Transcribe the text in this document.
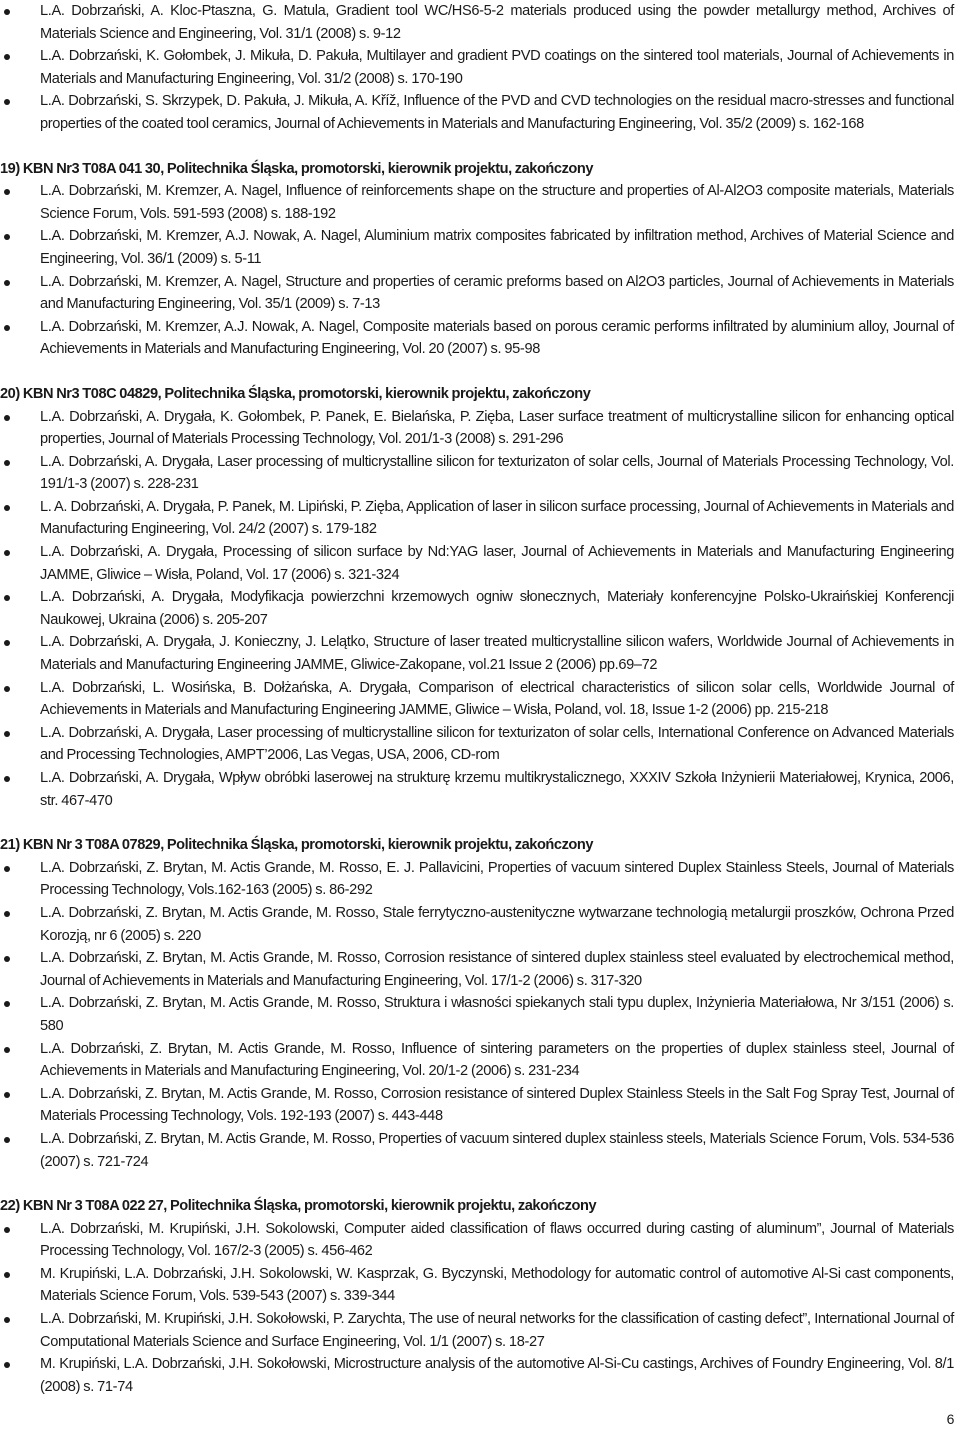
L.A. Dobrzański, A. Kloc-Ptaszna, G. Matula, Gradient tool WC/HS6-5-2 materials produced using the powder metallurgy method, Archives of Materials Science and Engineering, Vol. 31/1 (2008) s. 9-12
L.A. Dobrzański, K. Gołombek, J. Mikuła, D. Pakuła, Multilayer and gradient PVD coatings on the sintered tool materials, Journal of Achievements in Materials and Manufacturing Engineering, Vol. 31/2 (2008) s. 170-190
L.A. Dobrzański, S. Skrzypek, D. Pakuła, J. Mikuła, A. Kříž, Influence of the PVD and CVD technologies on the residual macro-stresses and functional properties of the coated tool ceramics, Journal of Achievements in Materials and Manufacturing Engineering, Vol. 35/2 (2009) s. 162-168

19) KBN Nr3 T08A 041 30, Politechnika Śląska, promotorski, kierownik projektu, zakończony

L.A. Dobrzański, M. Kremzer, A. Nagel, Influence of reinforcements shape on the structure and properties of Al-Al2O3 composite materials, Materials Science Forum, Vols. 591-593 (2008) s. 188-192
L.A. Dobrzański, M. Kremzer, A.J. Nowak, A. Nagel, Aluminium matrix composites fabricated by infiltration method, Archives of Material Science and Engineering, Vol. 36/1 (2009) s. 5-11
L.A. Dobrzański, M. Kremzer, A. Nagel, Structure and properties of ceramic preforms based on Al2O3 particles, Journal of Achievements in Materials and Manufacturing Engineering, Vol. 35/1 (2009) s. 7-13
L.A. Dobrzański, M. Kremzer, A.J. Nowak, A. Nagel, Composite materials based on porous ceramic performs infiltrated by aluminium alloy, Journal of Achievements in Materials and Manufacturing Engineering, Vol. 20 (2007) s. 95-98

20) KBN Nr3 T08C 04829, Politechnika Śląska, promotorski, kierownik projektu, zakończony

L.A. Dobrzański, A. Drygała, K. Gołombek, P. Panek, E. Bielańska, P. Zięba, Laser surface treatment of multicrystalline silicon for enhancing optical properties, Journal of Materials Processing Technology, Vol. 201/1-3 (2008) s. 291-296
L.A. Dobrzański, A. Drygała, Laser processing of multicrystalline silicon for texturizaton of solar cells, Journal of Materials Processing Technology, Vol. 191/1-3 (2007) s. 228-231
L. A. Dobrzański, A. Drygała, P. Panek, M. Lipiński, P. Zięba, Application of laser in silicon surface processing, Journal of Achievements in Materials and Manufacturing Engineering, Vol. 24/2 (2007) s. 179-182
L.A. Dobrzański, A. Drygała, Processing of silicon surface by Nd:YAG laser, Journal of Achievements in Materials and Manufacturing Engineering JAMME, Gliwice – Wisła, Poland, Vol. 17 (2006) s. 321-324
L.A. Dobrzański, A. Drygała, Modyfikacja powierzchni krzemowych ogniw słonecznych, Materiały konferencyjne Polsko-Ukraińskiej Konferencji Naukowej, Ukraina (2006) s. 205-207
L.A. Dobrzański, A. Drygała, J. Konieczny, J. Lelątko, Structure of laser treated multicrystalline silicon wafers, Worldwide Journal of Achievements in Materials and Manufacturing Engineering JAMME, Gliwice-Zakopane, vol.21 Issue 2 (2006) pp.69–72
L.A. Dobrzański, L. Wosińska, B. Dołżańska, A. Drygała, Comparison of electrical characteristics of silicon solar cells, Worldwide Journal of Achievements in Materials and Manufacturing Engineering JAMME, Gliwice – Wisła, Poland, vol. 18, Issue 1-2 (2006) pp. 215-218
L.A. Dobrzański, A. Drygała, Laser processing of multicrystalline silicon for texturizaton of solar cells, International Conference on Advanced Materials and Processing Technologies, AMPT’2006, Las Vegas, USA, 2006, CD-rom
L.A. Dobrzański, A. Drygała, Wpływ obróbki laserowej na strukturę krzemu multikrystalicznego, XXXIV Szkoła Inżynierii Materiałowej, Krynica, 2006, str. 467-470

21) KBN Nr 3 T08A 07829, Politechnika Śląska, promotorski, kierownik projektu, zakończony

L.A. Dobrzański, Z. Brytan, M. Actis Grande, M. Rosso, E. J. Pallavicini, Properties of vacuum sintered Duplex Stainless Steels, Journal of Materials Processing Technology, Vols.162-163 (2005) s. 86-292
L.A. Dobrzański, Z. Brytan, M. Actis Grande, M. Rosso, Stale ferrytyczno-austenityczne wytwarzane technologią metalurgii proszków, Ochrona Przed Korozją, nr 6 (2005) s. 220
L.A. Dobrzański, Z. Brytan, M. Actis Grande, M. Rosso, Corrosion resistance of sintered duplex stainless steel evaluated by electrochemical method, Journal of Achievements in Materials and Manufacturing Engineering, Vol. 17/1-2 (2006) s. 317-320
L.A. Dobrzański, Z. Brytan, M. Actis Grande, M. Rosso, Struktura i własności spiekanych stali typu duplex, Inżynieria Materiałowa, Nr 3/151 (2006) s. 580
L.A. Dobrzański, Z. Brytan, M. Actis Grande, M. Rosso, Influence of sintering parameters on the properties of duplex stainless steel, Journal of Achievements in Materials and Manufacturing Engineering, Vol. 20/1-2 (2006) s. 231-234
L.A. Dobrzański, Z. Brytan, M. Actis Grande, M. Rosso, Corrosion resistance of sintered Duplex Stainless Steels in the Salt Fog Spray Test, Journal of Materials Processing Technology, Vols. 192-193 (2007) s. 443-448
L.A. Dobrzański, Z. Brytan, M. Actis Grande, M. Rosso, Properties of vacuum sintered duplex stainless steels, Materials Science Forum, Vols. 534-536 (2007) s. 721-724

22) KBN Nr 3 T08A 022 27, Politechnika Śląska, promotorski, kierownik projektu, zakończony

L.A. Dobrzański, M. Krupiński, J.H. Sokolowski, Computer aided classification of flaws occurred during casting of aluminum”, Journal of Materials Processing Technology, Vol. 167/2-3 (2005) s. 456-462
M. Krupiński, L.A. Dobrzański, J.H. Sokolowski, W. Kasprzak, G. Byczynski, Methodology for automatic control of automotive Al-Si cast components, Materials Science Forum, Vols. 539-543 (2007) s. 339-344
L.A. Dobrzański, M. Krupiński, J.H. Sokołowski, P. Zarychta, The use of neural networks for the classification of casting defect”, International Journal of Computational Materials Science and Surface Engineering, Vol. 1/1 (2007) s. 18-27
M. Krupiński, L.A. Dobrzański, J.H. Sokołowski, Microstructure analysis of the automotive Al-Si-Cu castings, Archives of Foundry Engineering, Vol. 8/1 (2008) s. 71-74
6
